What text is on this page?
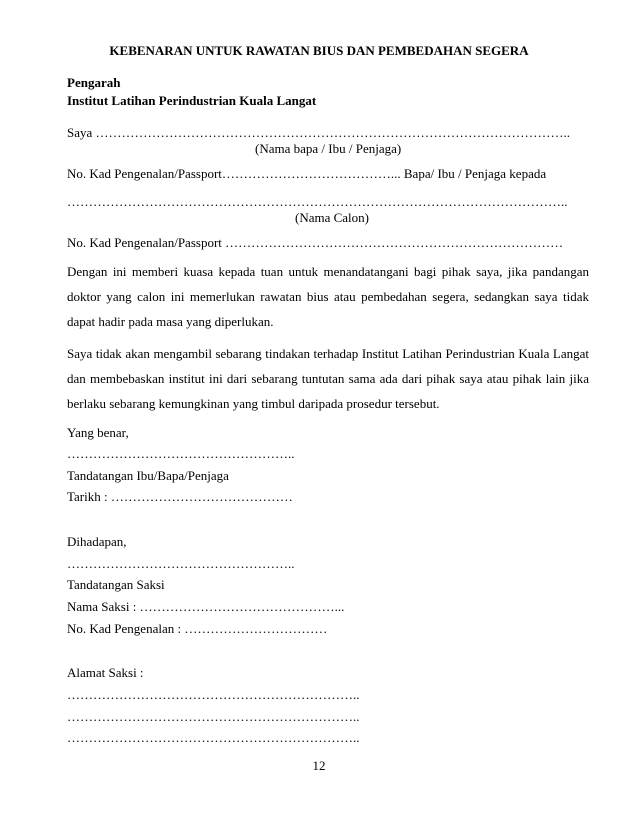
KEBENARAN UNTUK RAWATAN BIUS DAN PEMBEDAHAN SEGERA
Pengarah
Institut Latihan Perindustrian Kuala Langat
Saya ………………………………………………………………………………………………..
(Nama bapa / Ibu / Penjaga)
No. Kad Pengenalan/Passport…………………………………... Bapa/ Ibu / Penjaga kepada
……………………………………………………………………………………………………..
(Nama Calon)
No. Kad Pengenalan/Passport ……………………………………………………………………
Dengan ini memberi kuasa kepada tuan untuk menandatangani bagi pihak saya, jika pandangan doktor yang calon ini memerlukan rawatan bius atau pembedahan segera, sedangkan saya tidak dapat hadir pada masa yang diperlukan.
Saya tidak akan mengambil sebarang tindakan terhadap Institut Latihan Perindustrian Kuala Langat dan membebaskan institut ini dari sebarang tuntutan sama ada dari pihak saya atau pihak lain jika berlaku sebarang kemungkinan yang timbul daripada prosedur tersebut.
Yang benar,
……………………………………………..
Tandatangan Ibu/Bapa/Penjaga
Tarikh : ……………………………………
Dihadapan,
……………………………………………..
Tandatangan Saksi
Nama Saksi : ………………………………………...
No. Kad Pengenalan : ……………………………
Alamat Saksi :
…………………………………………………………..
…………………………………………………………..
…………………………………………………………..
12
